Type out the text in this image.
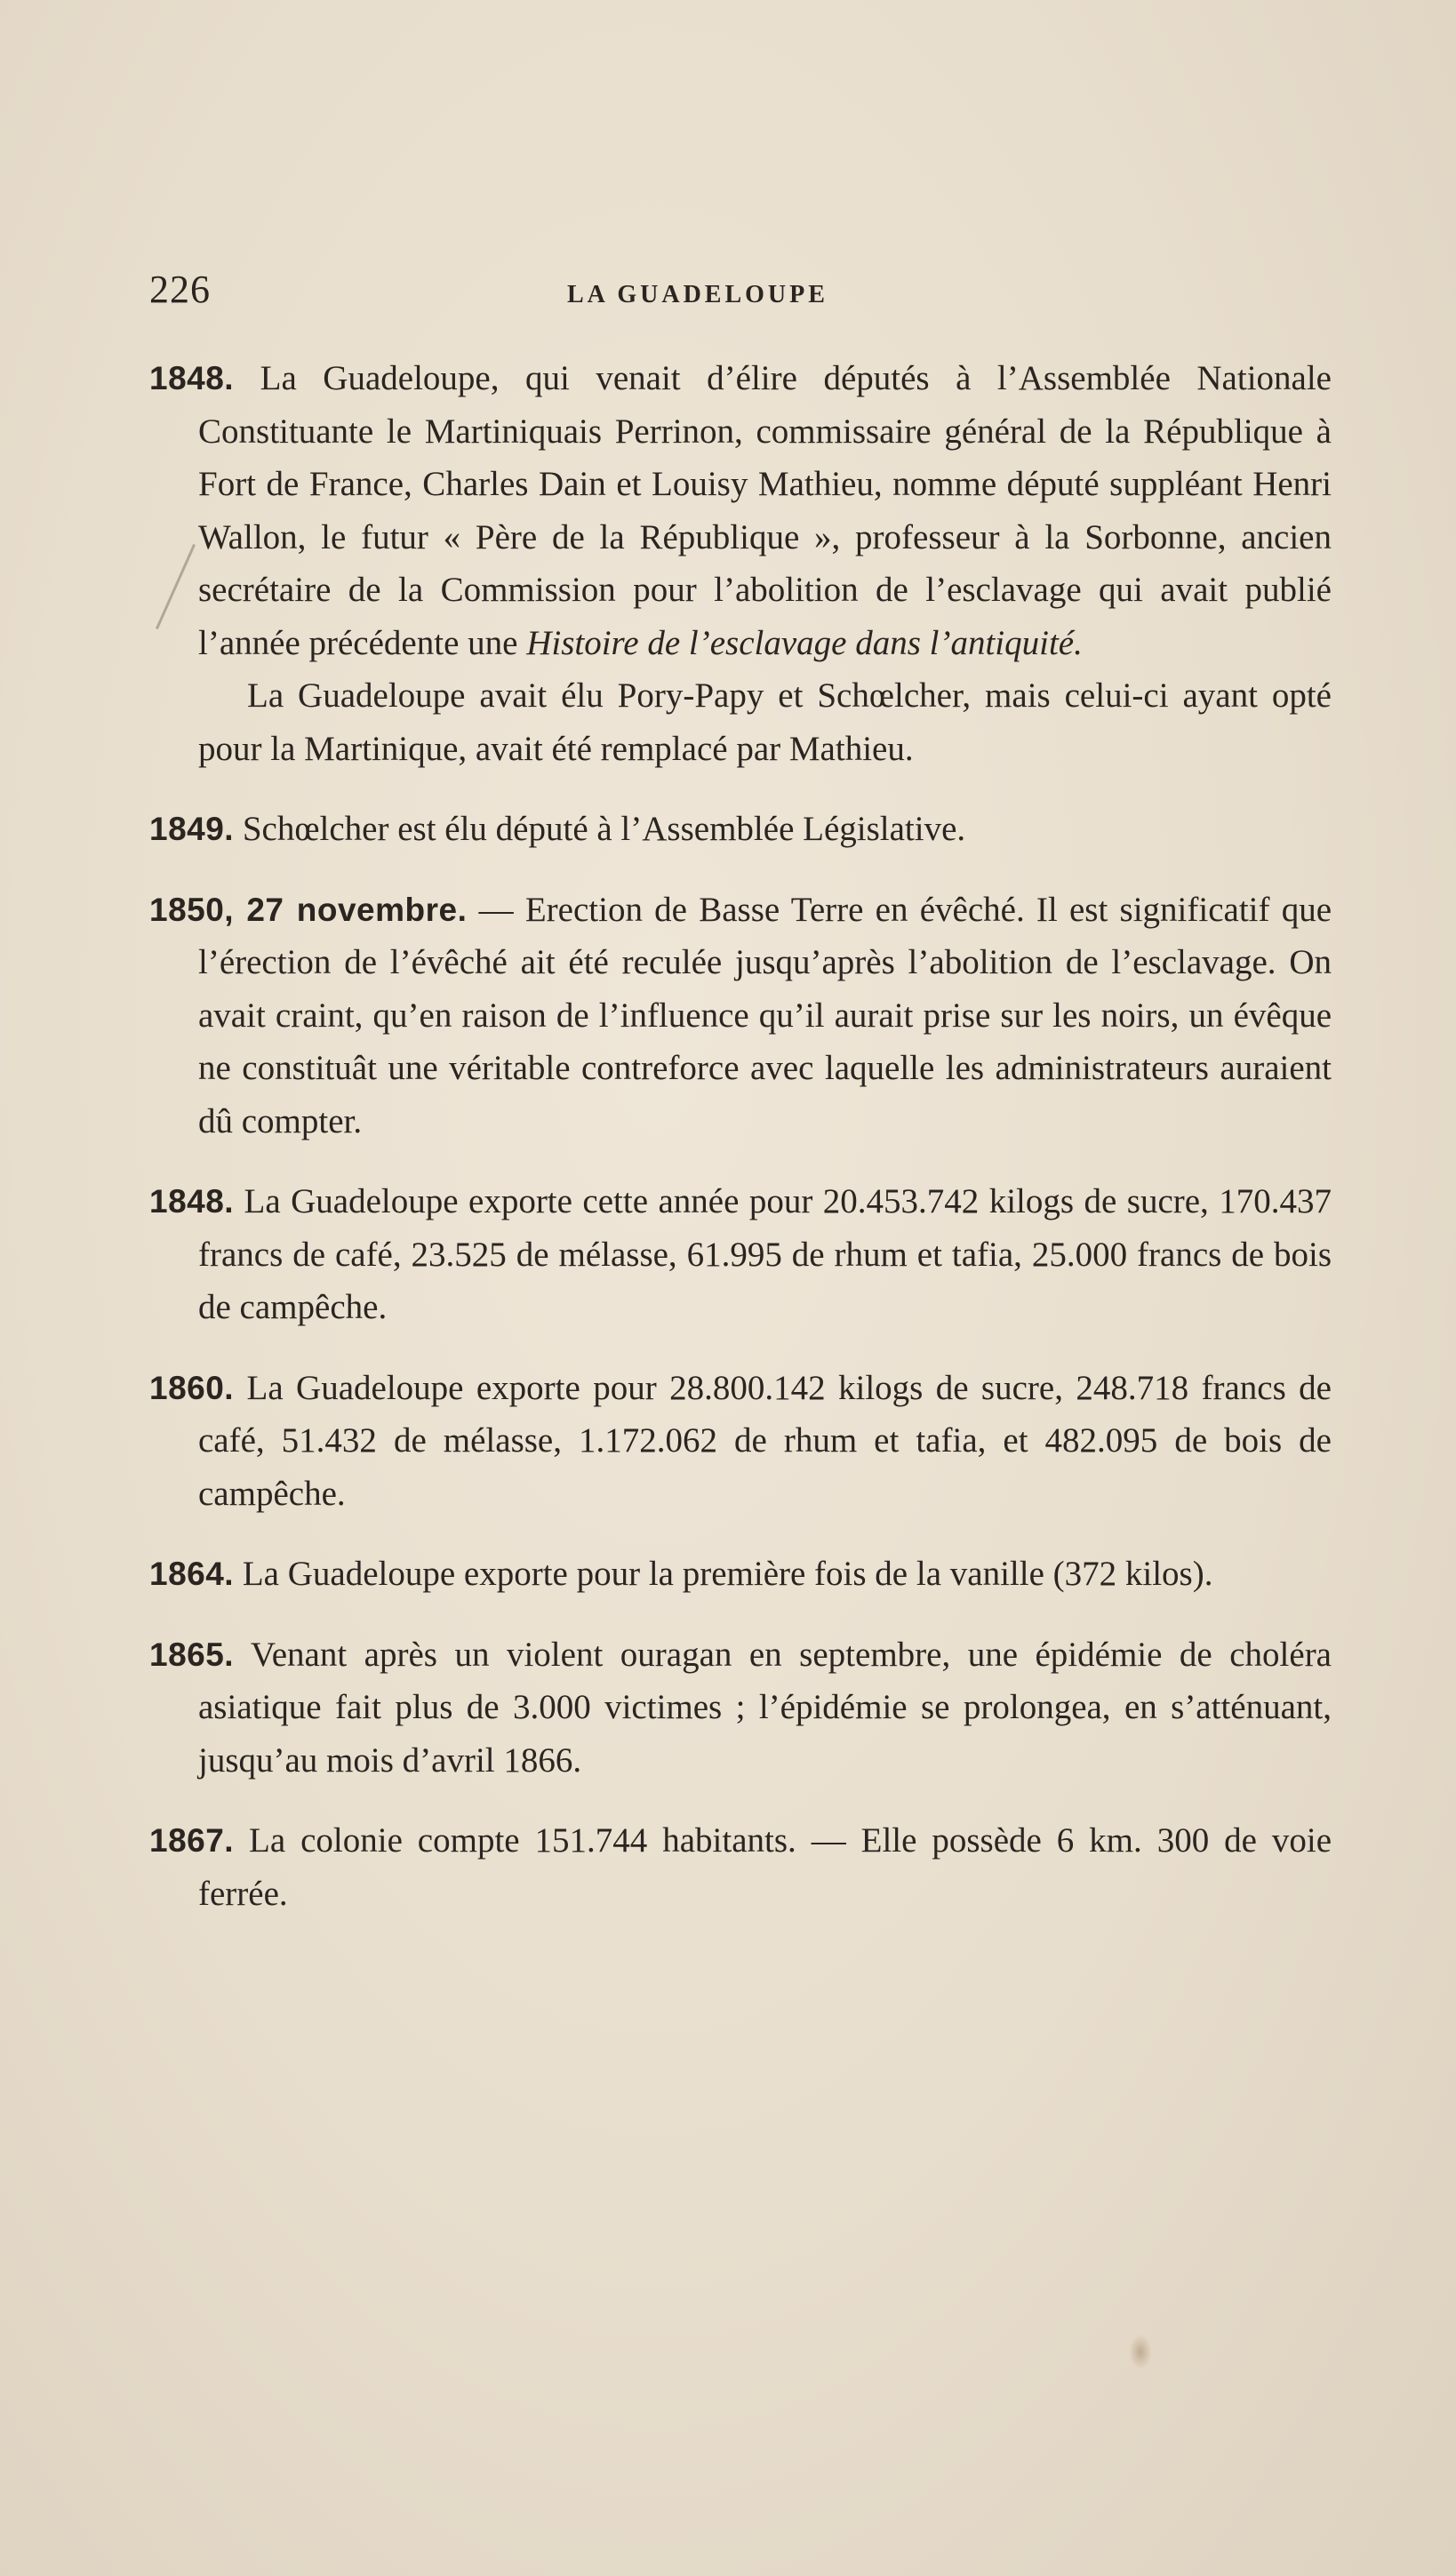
226	LA GUADELOUPE

1848. La Guadeloupe, qui venait d’élire députés à l’Assemblée Nationale Constituante le Martiniquais Perrinon, commissaire général de la République à Fort de France, Charles Dain et Louisy Mathieu, nomme député suppléant Henri Wallon, le futur « Père de la République », professeur à la Sorbonne, ancien secrétaire de la Commission pour l’abolition de l’esclavage qui avait publié l’année précédente une Histoire de l’esclavage dans l’antiquité.

La Guadeloupe avait élu Pory-Papy et Schœlcher, mais celui-ci ayant opté pour la Martinique, avait été remplacé par Mathieu.

1849. Schœlcher est élu député à l’Assemblée Législative.

1850, 27 novembre. — Erection de Basse Terre en évêché. Il est significatif que l’érection de l’évêché ait été reculée jusqu’après l’abolition de l’esclavage. On avait craint, qu’en raison de l’influence qu’il aurait prise sur les noirs, un évêque ne constituât une véritable contreforce avec laquelle les administrateurs auraient dû compter.

1848. La Guadeloupe exporte cette année pour 20.453.742 kilogs de sucre, 170.437 francs de café, 23.525 de mélasse, 61.995 de rhum et tafia, 25.000 francs de bois de campêche.

1860. La Guadeloupe exporte pour 28.800.142 kilogs de sucre, 248.718 francs de café, 51.432 de mélasse, 1.172.062 de rhum et tafia, et 482.095 de bois de campêche.

1864. La Guadeloupe exporte pour la première fois de la vanille (372 kilos).

1865. Venant après un violent ouragan en septembre, une épidémie de choléra asiatique fait plus de 3.000 victimes ; l’épidémie se prolongea, en s’atténuant, jusqu’au mois d’avril 1866.

1867. La colonie compte 151.744 habitants. — Elle possède 6 km. 300 de voie ferrée.
